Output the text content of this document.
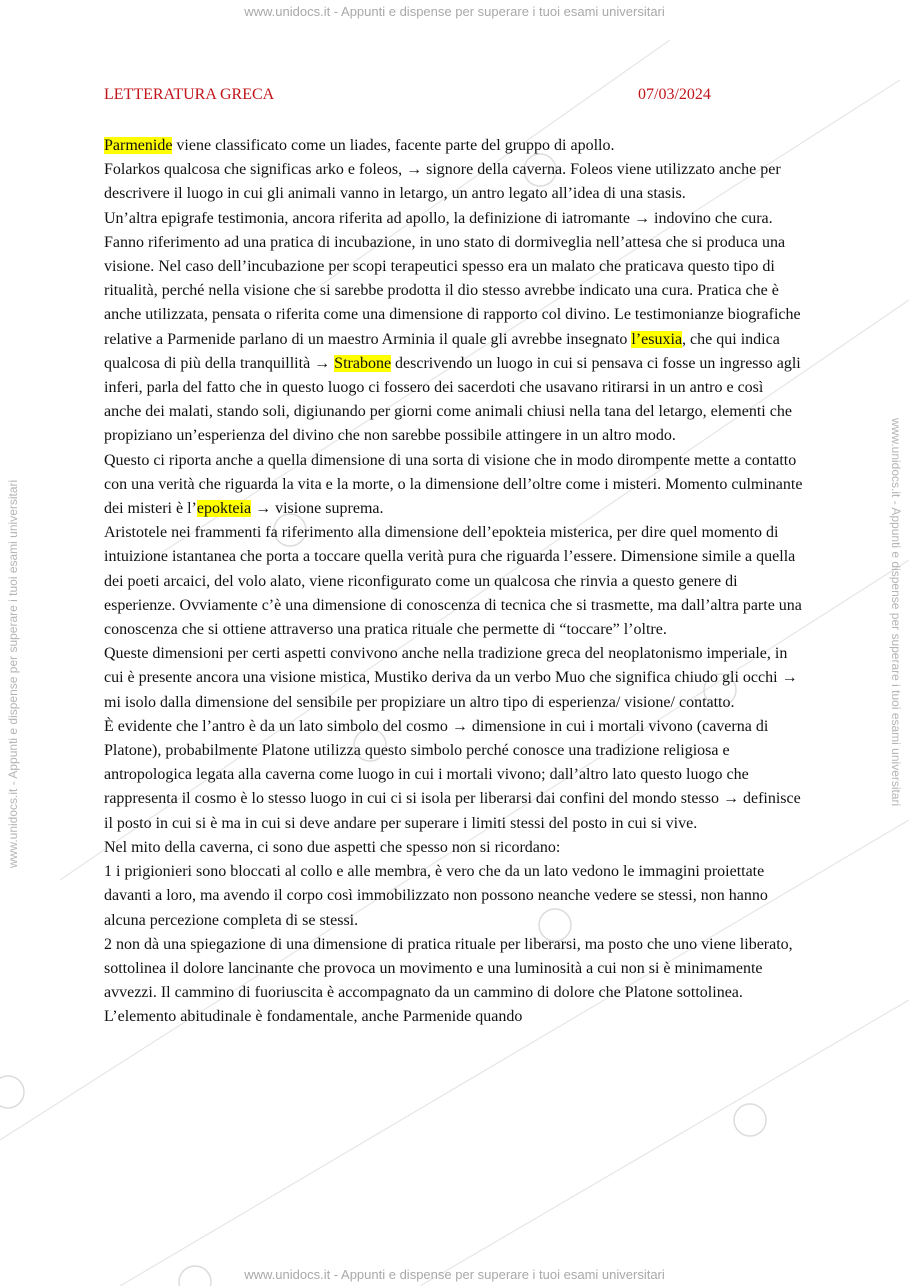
www.unidocs.it - Appunti e dispense per superare i tuoi esami universitari
www.unidocs.it - Appunti e dispense per superare i tuoi esami universitari
www.unidocs.it - Appunti e dispense per superare i tuoi esami universitari	www.unidocs.it - Appunti e dispense per superare i tuoi esami universitari
LETTERATURA GRECA	07/03/2024

Parmenide viene classificato come un liades, facente parte del gruppo di apollo.

Folarkos qualcosa che significas arko e foleos, → signore della caverna. Foleos viene utilizzato anche per descrivere il luogo in cui gli animali vanno in letargo, un antro legato all’idea di una stasis.

Un’altra epigrafe testimonia, ancora riferita ad apollo, la definizione di iatromante → indovino che cura. Fanno riferimento ad una pratica di incubazione, in uno stato di dormiveglia nell’attesa che si produca una visione. Nel caso dell’incubazione per scopi terapeutici spesso era un malato che praticava questo tipo di ritualità, perché nella visione che si sarebbe prodotta il dio stesso avrebbe indicato una cura. Pratica che è anche utilizzata, pensata o riferita come una dimensione di rapporto col divino. Le testimonianze biografiche relative a Parmenide parlano di un maestro Arminia il quale gli avrebbe insegnato l’esuxia, che qui indica qualcosa di più della tranquillità → Strabone descrivendo un luogo in cui si pensava ci fosse un ingresso agli inferi, parla del fatto che in questo luogo ci fossero dei sacerdoti che usavano ritirarsi in un antro e così anche dei malati, stando soli, digiunando per giorni come animali chiusi nella tana del letargo, elementi che propiziano un’esperienza del divino che non sarebbe possibile attingere in un altro modo.

Questo ci riporta anche a quella dimensione di una sorta di visione che in modo dirompente mette a contatto con una verità che riguarda la vita e la morte, o la dimensione dell’oltre come i misteri. Momento culminante dei misteri è l’epokteia → visione suprema.

Aristotele nei frammenti fa riferimento alla dimensione dell’epokteia misterica, per dire quel momento di intuizione istantanea che porta a toccare quella verità pura che riguarda l’essere. Dimensione simile a quella dei poeti arcaici, del volo alato, viene riconfigurato come un qualcosa che rinvia a questo genere di esperienze. Ovviamente c’è una dimensione di conoscenza di tecnica che si trasmette, ma dall’altra parte una conoscenza che si ottiene attraverso una pratica rituale che permette di “toccare” l’oltre.

Queste dimensioni per certi aspetti convivono anche nella tradizione greca del neoplatonismo imperiale, in cui è presente ancora una visione mistica, Mustiko deriva da un verbo Muo che significa chiudo gli occhi → mi isolo dalla dimensione del sensibile per propiziare un altro tipo di esperienza/ visione/ contatto.

È evidente che l’antro è da un lato simbolo del cosmo → dimensione in cui i mortali vivono (caverna di Platone), probabilmente Platone utilizza questo simbolo perché conosce una tradizione religiosa e antropologica legata alla caverna come luogo in cui i mortali vivono; dall’altro lato questo luogo che rappresenta il cosmo è lo stesso luogo in cui ci si isola per liberarsi dai confini del mondo stesso → definisce il posto in cui si è ma in cui si deve andare per superare i limiti stessi del posto in cui si vive.

Nel mito della caverna, ci sono due aspetti che spesso non si ricordano:

1 i prigionieri sono bloccati al collo e alle membra, è vero che da un lato vedono le immagini proiettate davanti a loro, ma avendo il corpo così immobilizzato non possono neanche vedere se stessi, non hanno alcuna percezione completa di se stessi.

2 non dà una spiegazione di una dimensione di pratica rituale per liberarsi, ma posto che uno viene liberato, sottolinea il dolore lancinante che provoca un movimento e una luminosità a cui non si è minimamente avvezzi. Il cammino di fuoriuscita è accompagnato da un cammino di dolore che Platone sottolinea. L’elemento abitudinale è fondamentale, anche Parmenide quando
